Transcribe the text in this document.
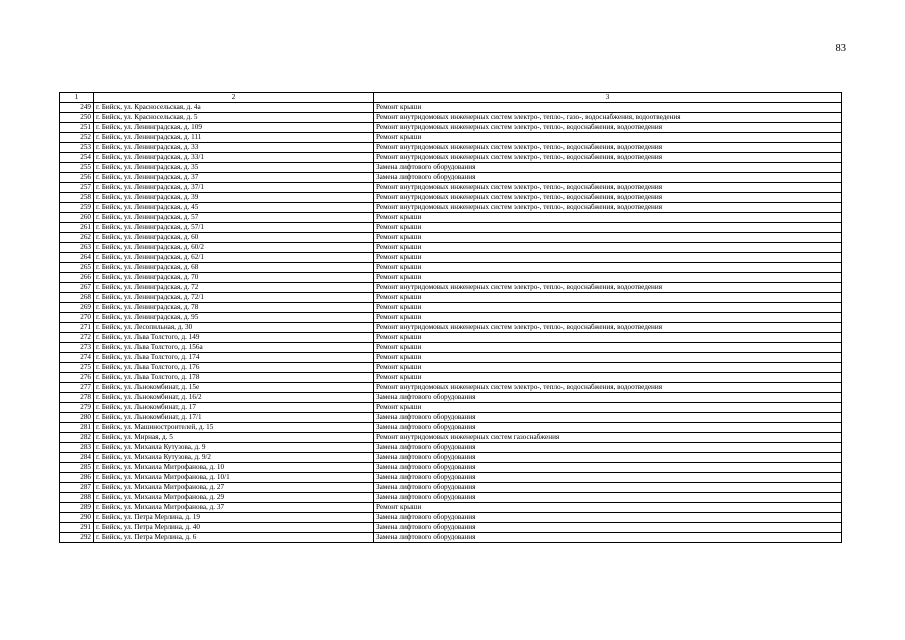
83
1	2	3
249	г. Бийск, ул. Красносельская, д. 4а	Ремонт крыши
250	г. Бийск, ул. Красносельская, д. 5	Ремонт внутридомовых инженерных систем электро-, тепло-, газо-, водоснабжения, водоотведения
251	г. Бийск, ул. Ленинградская, д. 109	Ремонт внутридомовых инженерных систем электро-, тепло-, водоснабжения, водоотведения
252	г. Бийск, ул. Ленинградская, д. 111	Ремонт крыши
253	г. Бийск, ул. Ленинградская, д. 33	Ремонт внутридомовых инженерных систем электро-, тепло-, водоснабжения, водоотведения
254	г. Бийск, ул. Ленинградская, д. 33/1	Ремонт внутридомовых инженерных систем электро-, тепло-, водоснабжения, водоотведения
255	г. Бийск, ул. Ленинградская, д. 35	Замена лифтового оборудования
256	г. Бийск, ул. Ленинградская, д. 37	Замена лифтового оборудования
257	г. Бийск, ул. Ленинградская, д. 37/1	Ремонт внутридомовых инженерных систем электро-, тепло-, водоснабжения, водоотведения
258	г. Бийск, ул. Ленинградская, д. 39	Ремонт внутридомовых инженерных систем электро-, тепло-, водоснабжения, водоотведения
259	г. Бийск, ул. Ленинградская, д. 45	Ремонт внутридомовых инженерных систем электро-, тепло-, водоснабжения, водоотведения
260	г. Бийск, ул. Ленинградская, д. 57	Ремонт крыши
261	г. Бийск, ул. Ленинградская, д. 57/1	Ремонт крыши
262	г. Бийск, ул. Ленинградская, д. 60	Ремонт крыши
263	г. Бийск, ул. Ленинградская, д. 60/2	Ремонт крыши
264	г. Бийск, ул. Ленинградская, д. 62/1	Ремонт крыши
265	г. Бийск, ул. Ленинградская, д. 68	Ремонт крыши
266	г. Бийск, ул. Ленинградская, д. 70	Ремонт крыши
267	г. Бийск, ул. Ленинградская, д. 72	Ремонт внутридомовых инженерных систем электро-, тепло-, водоснабжения, водоотведения
268	г. Бийск, ул. Ленинградская, д. 72/1	Ремонт крыши
269	г. Бийск, ул. Ленинградская, д. 78	Ремонт крыши
270	г. Бийск, ул. Ленинградская, д. 95	Ремонт крыши
271	г. Бийск, ул. Лесопильная, д. 30	Ремонт внутридомовых инженерных систем электро-, тепло-, водоснабжения, водоотведения
272	г. Бийск, ул. Льва Толстого, д. 149	Ремонт крыши
273	г. Бийск, ул. Льва Толстого, д. 156а	Ремонт крыши
274	г. Бийск, ул. Льва Толстого, д. 174	Ремонт крыши
275	г. Бийск, ул. Льва Толстого, д. 176	Ремонт крыши
276	г. Бийск, ул. Льва Толстого, д. 178	Ремонт крыши
277	г. Бийск, ул. Льнокомбинат, д. 15е	Ремонт внутридомовых инженерных систем электро-, тепло-, водоснабжения, водоотведения
278	г. Бийск, ул. Льнокомбинат, д. 16/2	Замена лифтового оборудования
279	г. Бийск, ул. Льнокомбинат, д. 17	Ремонт крыши
280	г. Бийск, ул. Льнокомбинат, д. 17/1	Замена лифтового оборудования
281	г. Бийск, ул. Машиностроителей, д. 15	Замена лифтового оборудования
282	г. Бийск, ул. Мирная, д. 5	Ремонт внутридомовых инженерных систем газоснабжения
283	г. Бийск, ул. Михаила Кутузова, д. 9	Замена лифтового оборудования
284	г. Бийск, ул. Михаила Кутузова, д. 9/2	Замена лифтового оборудования
285	г. Бийск, ул. Михаила Митрофанова, д. 10	Замена лифтового оборудования
286	г. Бийск, ул. Михаила Митрофанова, д. 10/1	Замена лифтового оборудования
287	г. Бийск, ул. Михаила Митрофанова, д. 27	Замена лифтового оборудования
288	г. Бийск, ул. Михаила Митрофанова, д. 29	Замена лифтового оборудования
289	г. Бийск, ул. Михаила Митрофанова, д. 37	Ремонт крыши
290	г. Бийск, ул. Петра Мерлина, д. 19	Замена лифтового оборудования
291	г. Бийск, ул. Петра Мерлина, д. 40	Замена лифтового оборудования
292	г. Бийск, ул. Петра Мерлина, д. 6	Замена лифтового оборудования
